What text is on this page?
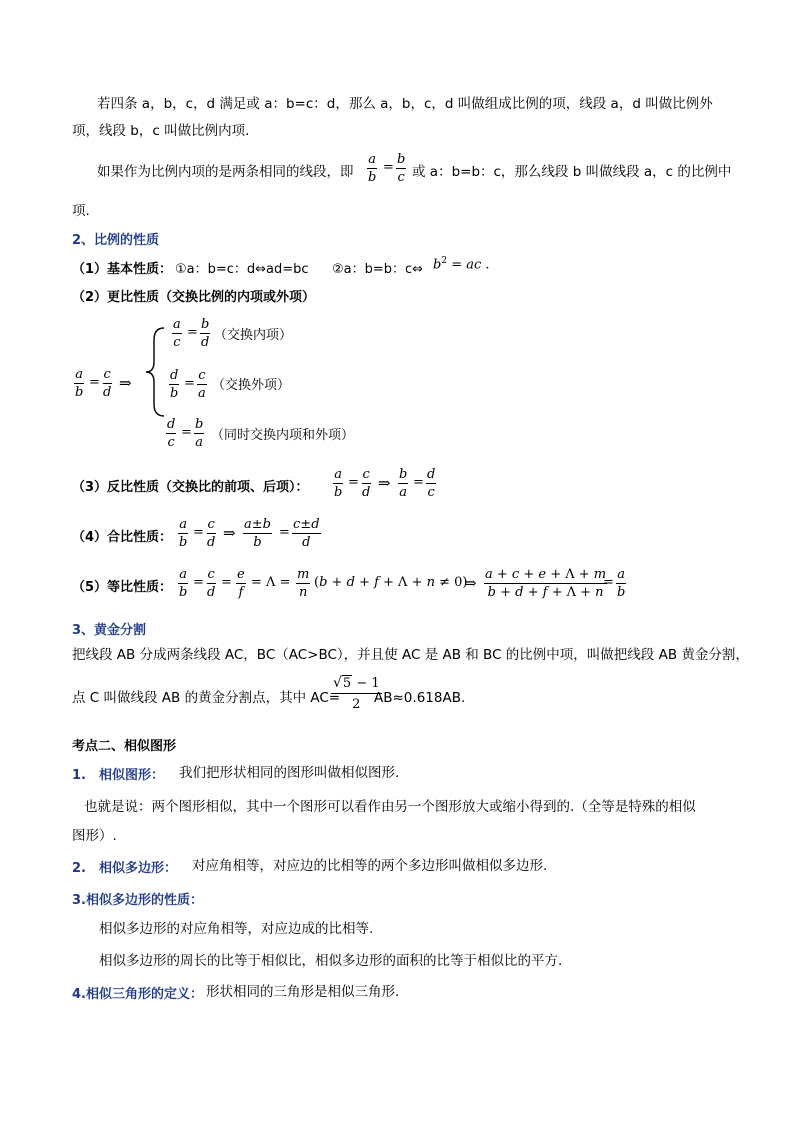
若四条 a，b，c，d 满足或 a：b=c：d，那么 a，b，c，d 叫做组成比例的项，线段 a，d 叫做比例外
项，线段 b，c 叫做比例内项.
如果作为比例内项的是两条相同的线段，即 $\frac{a}{b} = \frac{b}{c}$ 或 a：b=b：c，那么线段 b 叫做线段 a，c 的比例中
项.
2、比例的性质
（1）基本性质： ①a：b=c：d⇔ad=bc ②a：b=b：c⇔ $b^2$ = ac .
（2）更比性质（交换比例的内项或外项）
$\frac{a}{b} = \frac{c}{d}$ ⇒
$\frac{a}{c} = \frac{b}{d}$ （交换内项）
$\frac{d}{b} = \frac{c}{a}$ （交换外项）
$\frac{d}{c} = \frac{b}{a}$ （同时交换内项和外项）
（3）反比性质（交换比的前项、后项）： $\frac{a}{b} = \frac{c}{d}$ ⇒ $\frac{b}{a} = \frac{d}{c}$
（4）合比性质： $\frac{a}{b} = \frac{c}{d}$ ⇒ $\frac{a\pm b}{b} = \frac{c\pm d}{d}$
（5）等比性质： $\frac{a}{b} = \frac{c}{d} = \frac{e}{f} = \Lambda = \frac{m}{n} (b + d + f + \Lambda + n \ne 0)$
⇒ $\frac{a + c + e + \Lambda + m}{b + d + f + \Lambda + n}$
= $\frac{a}{b}$
3、黄金分割
把线段 AB 分成两条线段 AC，BC（AC>BC），并且使 AC 是 AB 和 BC 的比例中项，叫做把线段 AB 黄金分割，
点 C 叫做线段 AB 的黄金分割点，其中 AC=
$\frac{√5 - 1}{2}$
AB≈0.618AB.
考点二、相似图形
1.　相似图形： 我们把形状相同的图形叫做相似图形.
也就是说：两个图形相似，其中一个图形可以看作由另一个图形放大或缩小得到的.（全等是特殊的相似
图形）.
2.　相似多边形： 对应角相等，对应边的比相等的两个多边形叫做相似多边形.
3.相似多边形的性质：
相似多边形的对应角相等，对应边成的比相等.
相似多边形的周长的比等于相似比，相似多边形的面积的比等于相似比的平方.
4.相似三角形的定义： 形状相同的三角形是相似三角形.
